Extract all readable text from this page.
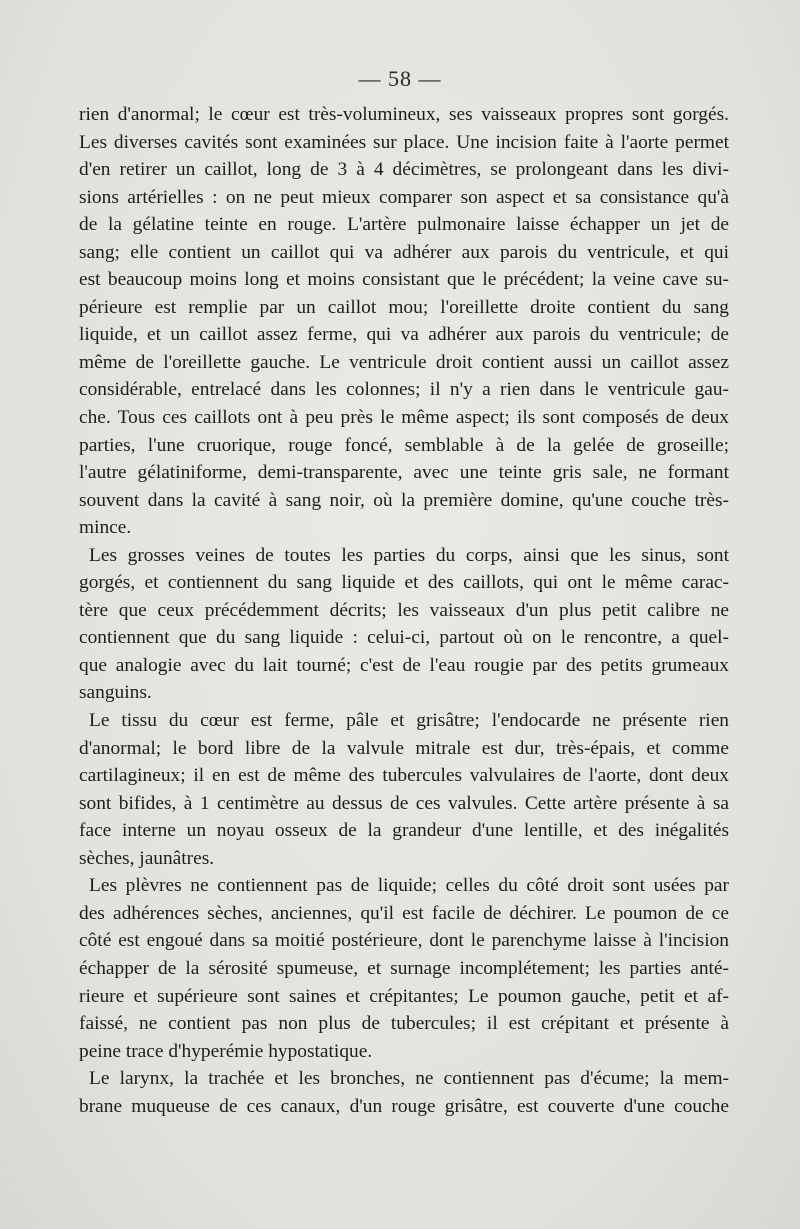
— 58 —
rien d'anormal; le cœur est très-volumineux, ses vaisseaux propres sont gorgés.
Les diverses cavités sont examinées sur place. Une incision faite à l'aorte permet
d'en retirer un caillot, long de 3 à 4 décimètres, se prolongeant dans les divi-
sions artérielles : on ne peut mieux comparer son aspect et sa consistance qu'à
de la gélatine teinte en rouge. L'artère pulmonaire laisse échapper un jet de
sang; elle contient un caillot qui va adhérer aux parois du ventricule, et qui
est beaucoup moins long et moins consistant que le précédent; la veine cave su-
périeure est remplie par un caillot mou; l'oreillette droite contient du sang
liquide, et un caillot assez ferme, qui va adhérer aux parois du ventricule; de
même de l'oreillette gauche. Le ventricule droit contient aussi un caillot assez
considérable, entrelacé dans les colonnes; il n'y a rien dans le ventricule gau-
che. Tous ces caillots ont à peu près le même aspect; ils sont composés de deux
parties, l'une cruorique, rouge foncé, semblable à de la gelée de groseille;
l'autre gélatiniforme, demi-transparente, avec une teinte gris sale, ne formant
souvent dans la cavité à sang noir, où la première domine, qu'une couche très-
mince.
Les grosses veines de toutes les parties du corps, ainsi que les sinus, sont
gorgés, et contiennent du sang liquide et des caillots, qui ont le même carac-
tère que ceux précédemment décrits; les vaisseaux d'un plus petit calibre ne
contiennent que du sang liquide : celui-ci, partout où on le rencontre, a quel-
que analogie avec du lait tourné; c'est de l'eau rougie par des petits grumeaux
sanguins.
Le tissu du cœur est ferme, pâle et grisâtre; l'endocarde ne présente rien
d'anormal; le bord libre de la valvule mitrale est dur, très-épais, et comme
cartilagineux; il en est de même des tubercules valvulaires de l'aorte, dont deux
sont bifides, à 1 centimètre au dessus de ces valvules. Cette artère présente à sa
face interne un noyau osseux de la grandeur d'une lentille, et des inégalités
sèches, jaunâtres.
Les plèvres ne contiennent pas de liquide; celles du côté droit sont usées par
des adhérences sèches, anciennes, qu'il est facile de déchirer. Le poumon de ce
côté est engoué dans sa moitié postérieure, dont le parenchyme laisse à l'incision
échapper de la sérosité spumeuse, et surnage incomplétement; les parties anté-
rieure et supérieure sont saines et crépitantes; Le poumon gauche, petit et af-
faissé, ne contient pas non plus de tubercules; il est crépitant et présente à
peine trace d'hyperémie hypostatique.
Le larynx, la trachée et les bronches, ne contiennent pas d'écume; la mem-
brane muqueuse de ces canaux, d'un rouge grisâtre, est couverte d'une couche
